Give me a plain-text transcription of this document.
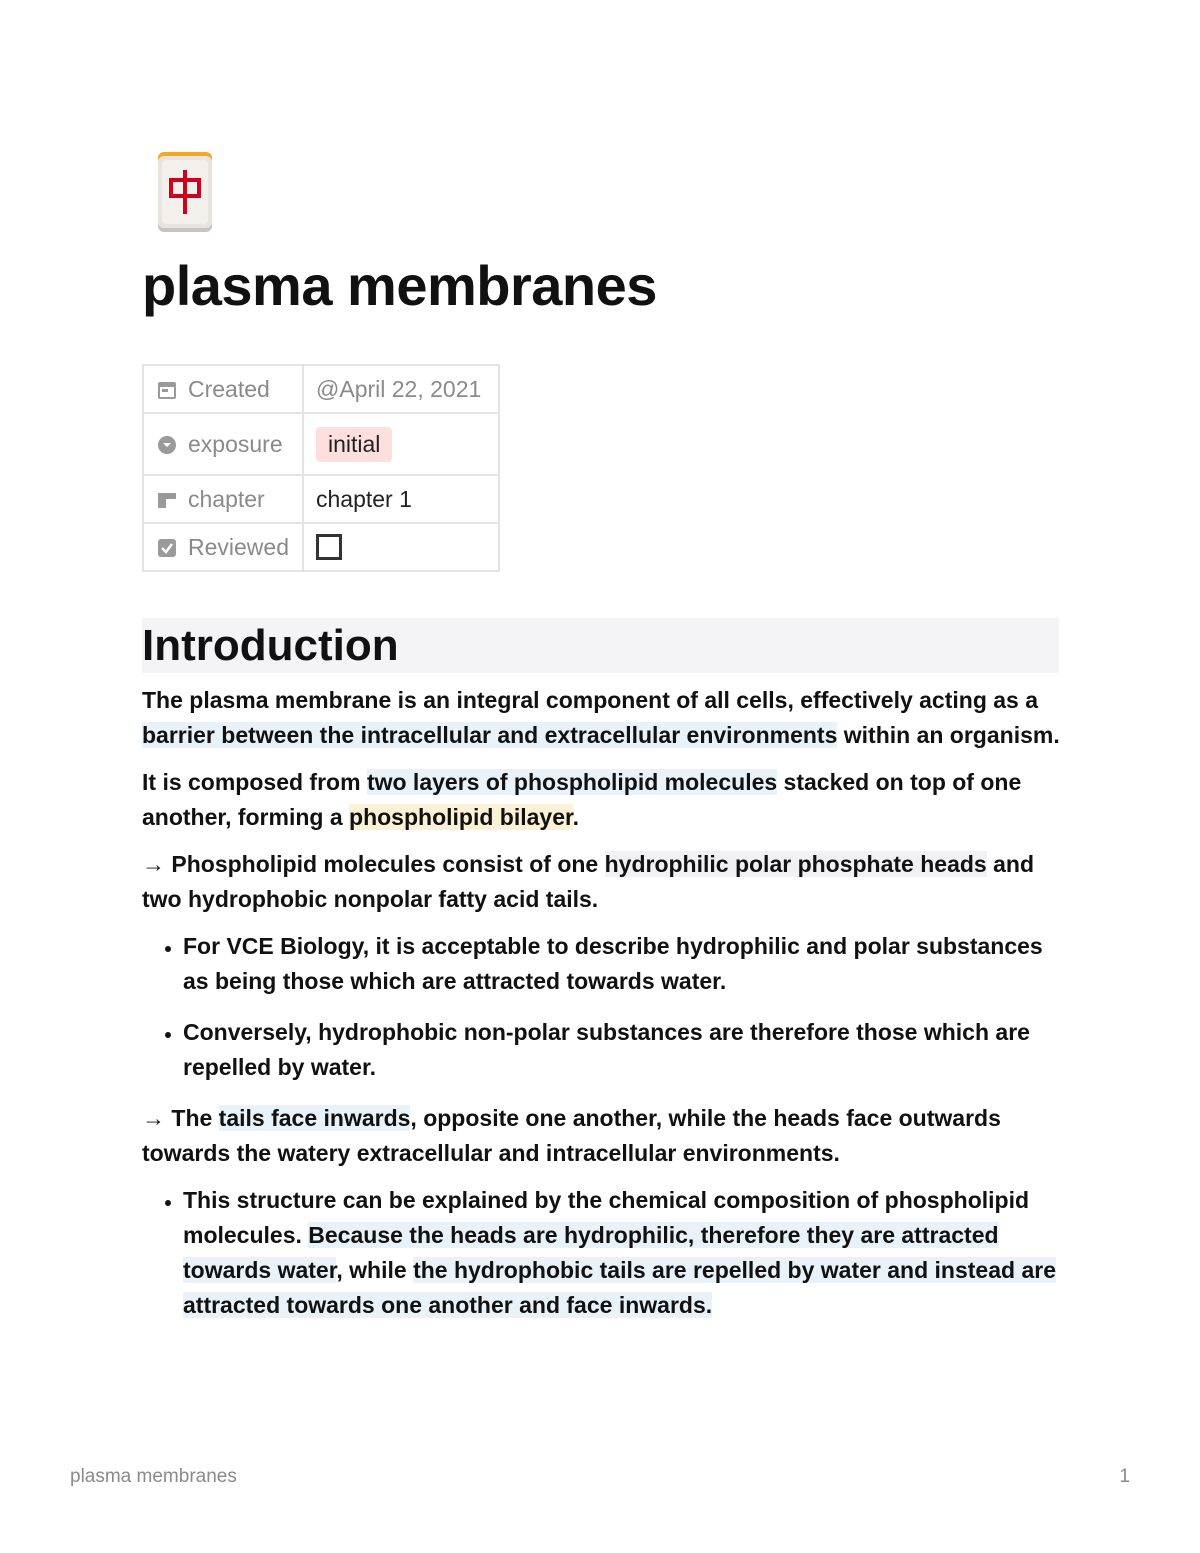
plasma membranes
Created	@April 22, 2021
exposure	initial
chapter	chapter 1
Reviewed	
Introduction

The plasma membrane is an integral component of all cells, effectively acting as a barrier between the intracellular and extracellular environments within an organism.

It is composed from two layers of phospholipid molecules stacked on top of one another, forming a phospholipid bilayer.

→ Phospholipid molecules consist of one hydrophilic polar phosphate heads and two hydrophobic nonpolar fatty acid tails.

• For VCE Biology, it is acceptable to describe hydrophilic and polar substances as being those which are attracted towards water.
• Conversely, hydrophobic non-polar substances are therefore those which are repelled by water.

→ The tails face inwards, opposite one another, while the heads face outwards towards the watery extracellular and intracellular environments.

• This structure can be explained by the chemical composition of phospholipid molecules. Because the heads are hydrophilic, therefore they are attracted towards water, while the hydrophobic tails are repelled by water and instead are attracted towards one another and face inwards.
plasma membranes	1
